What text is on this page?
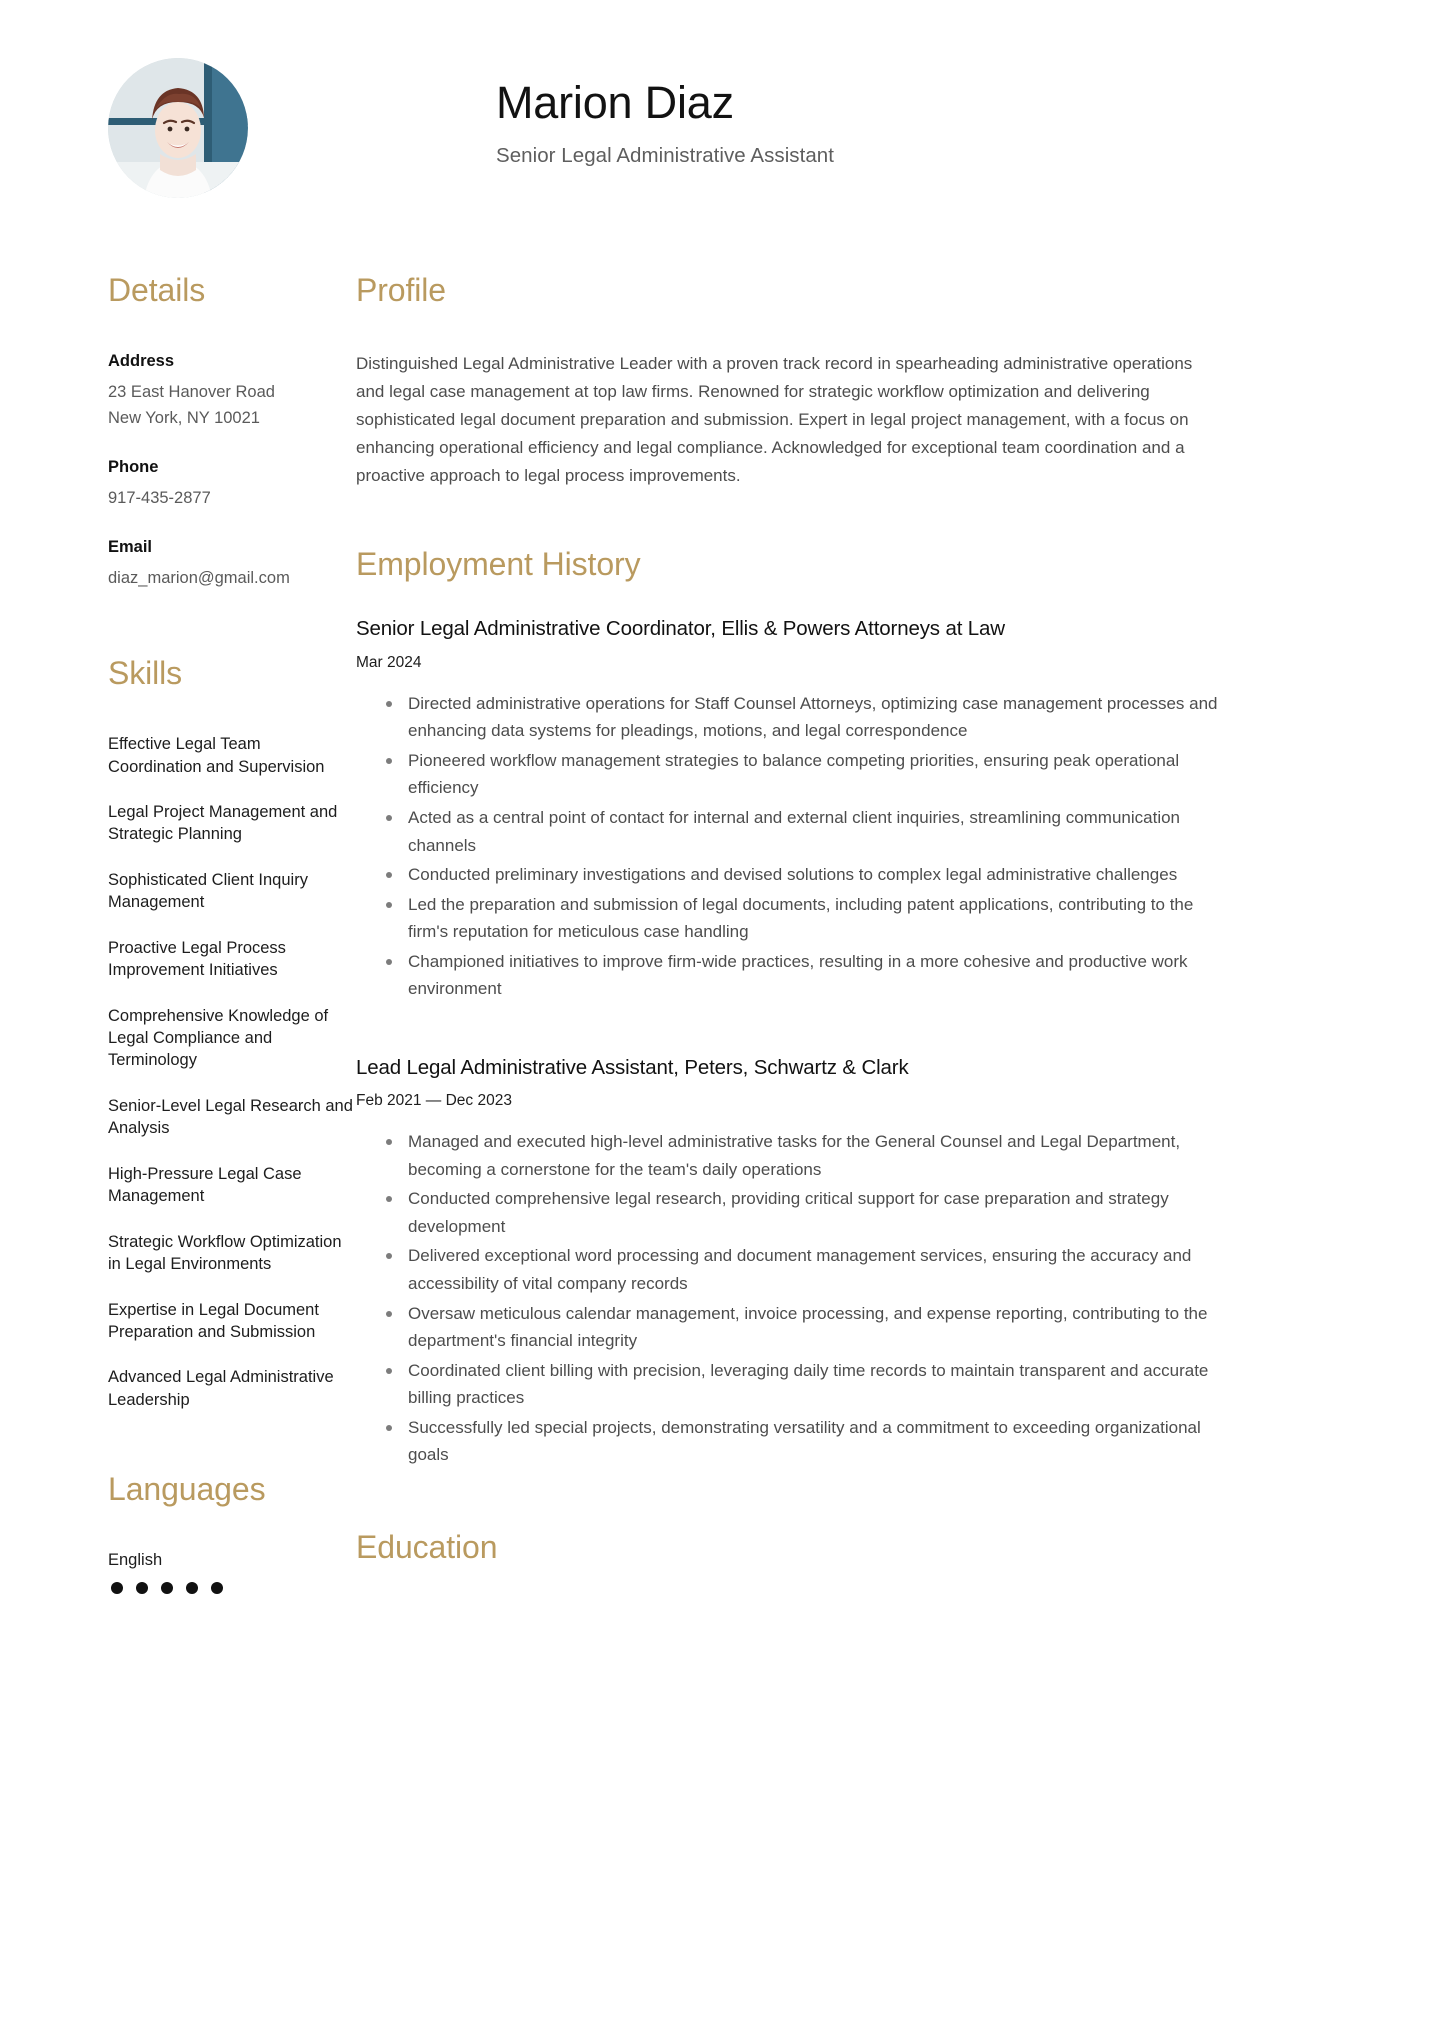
Marion Diaz
Senior Legal Administrative Assistant
Details
Address
23 East Hanover Road
New York, NY 10021
Phone
917-435-2877
Email
diaz_marion@gmail.com
Skills
Effective Legal Team Coordination and Supervision
Legal Project Management and Strategic Planning
Sophisticated Client Inquiry Management
Proactive Legal Process Improvement Initiatives
Comprehensive Knowledge of Legal Compliance and Terminology
Senior-Level Legal Research and Analysis
High-Pressure Legal Case Management
Strategic Workflow Optimization in Legal Environments
Expertise in Legal Document Preparation and Submission
Advanced Legal Administrative Leadership
Languages
English
Profile

Distinguished Legal Administrative Leader with a proven track record in spearheading administrative operations and legal case management at top law firms. Renowned for strategic workflow optimization and delivering sophisticated legal document preparation and submission. Expert in legal project management, with a focus on enhancing operational efficiency and legal compliance. Acknowledged for exceptional team coordination and a proactive approach to legal process improvements.

Employment History
Senior Legal Administrative Coordinator, Ellis & Powers Attorneys at Law
Mar 2024
Directed administrative operations for Staff Counsel Attorneys, optimizing case management processes and enhancing data systems for pleadings, motions, and legal correspondence
Pioneered workflow management strategies to balance competing priorities, ensuring peak operational efficiency
Acted as a central point of contact for internal and external client inquiries, streamlining communication channels
Conducted preliminary investigations and devised solutions to complex legal administrative challenges
Led the preparation and submission of legal documents, including patent applications, contributing to the firm's reputation for meticulous case handling
Championed initiatives to improve firm-wide practices, resulting in a more cohesive and productive work environment
Lead Legal Administrative Assistant, Peters, Schwartz & Clark
Feb 2021 — Dec 2023
Managed and executed high-level administrative tasks for the General Counsel and Legal Department, becoming a cornerstone for the team's daily operations
Conducted comprehensive legal research, providing critical support for case preparation and strategy development
Delivered exceptional word processing and document management services, ensuring the accuracy and accessibility of vital company records
Oversaw meticulous calendar management, invoice processing, and expense reporting, contributing to the department's financial integrity
Coordinated client billing with precision, leveraging daily time records to maintain transparent and accurate billing practices
Successfully led special projects, demonstrating versatility and a commitment to exceeding organizational goals
Education
